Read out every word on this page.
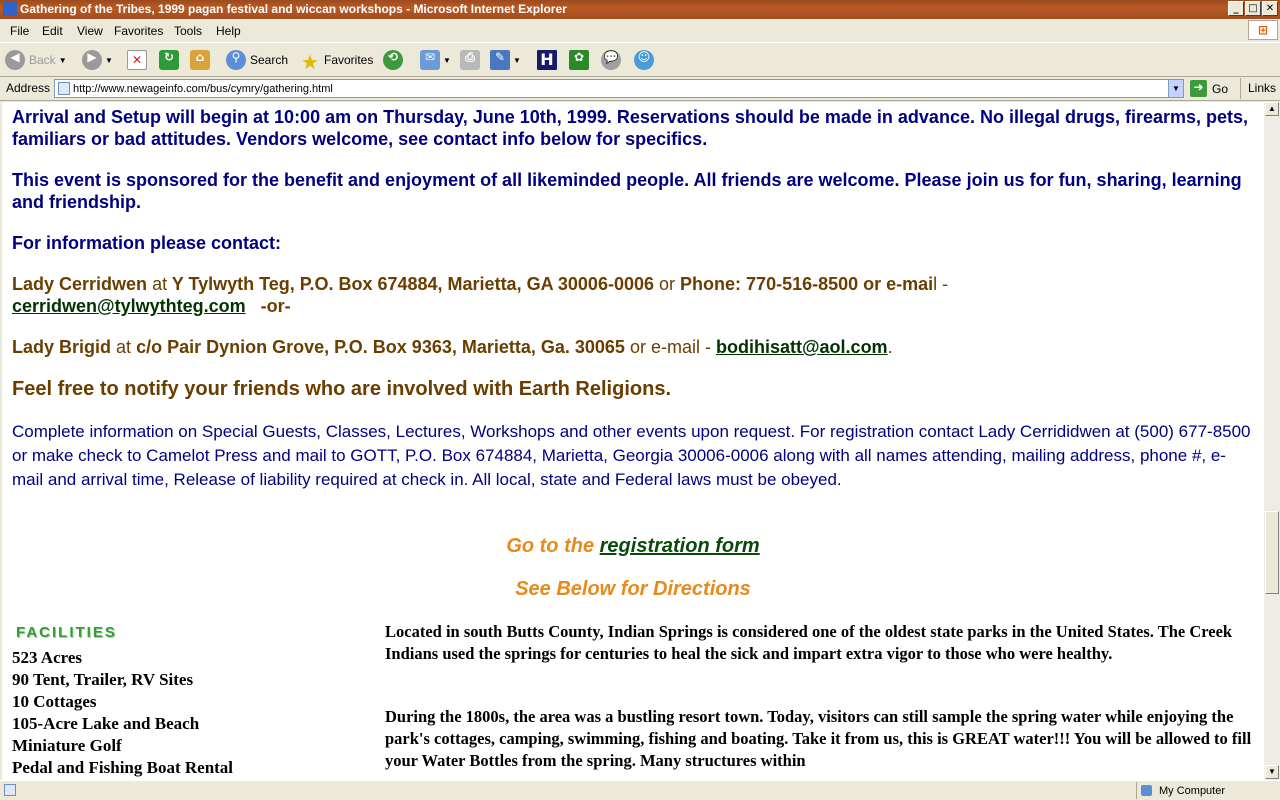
Gathering of the Tribes, 1999 pagan festival and wiccan workshops - Microsoft Internet Explorer	_ □ ✕
File Edit View Favorites Tools Help	⊞
◀ Back ▼	▶	▼	✕	↻	⌂	⚲ Search ★ Favorites	⟲	✉ ▼	⎙	✎ ▼ H	✿	💬	☺
Address
http://www.newageinfo.com/bus/cymry/gathering.html	▼ ➜ Go	Links

Arrival and Setup will begin at 10:00 am on Thursday, June 10th, 1999. Reservations should be made in advance. No illegal drugs, firearms, pets, familiars or bad attitudes. Vendors welcome, see contact info below for specifics.

This event is sponsored for the benefit and enjoyment of all likeminded people. All friends are welcome. Please join us for fun, sharing, learning and friendship.

For information please contact:

Lady Cerridwen at Y Tylwyth Teg, P.O. Box 674884, Marietta, GA 30006-0006 or Phone: 770-516-8500 or e-mail -
cerridwen@tylwythteg.com -or-

Lady Brigid at c/o Pair Dynion Grove, P.O. Box 9363, Marietta, Ga. 30065 or e-mail - bodihisatt@aol.com.

Feel free to notify your friends who are involved with Earth Religions.

Complete information on Special Guests, Classes, Lectures, Workshops and other events upon request. For registration contact Lady Cerrididwen at (500) 677-8500 or make check to Camelot Press and mail to GOTT, P.O. Box 674884, Marietta, Georgia 30006-0006 along with all names attending, mailing address, phone #, e-mail and arrival time, Release of liability required at check in. All local, state and Federal laws must be obeyed.

Go to the registration form
See Below for Directions
FACILITIES
523 Acres
90 Tent, Trailer, RV Sites
10 Cottages
105-Acre Lake and Beach
Miniature Golf
Pedal and Fishing Boat Rental

Located in south Butts County, Indian Springs is considered one of the oldest state parks in the United States. The Creek Indians used the springs for centuries to heal the sick and impart extra vigor to those who were healthy.

During the 1800s, the area was a bustling resort town. Today, visitors can still sample the spring water while enjoying the park's cottages, camping, swimming, fishing and boating. Take it from us, this is GREAT water!!! You will be allowed to fill your Water Bottles from the spring. Many structures within

▲
▼
My Computer
